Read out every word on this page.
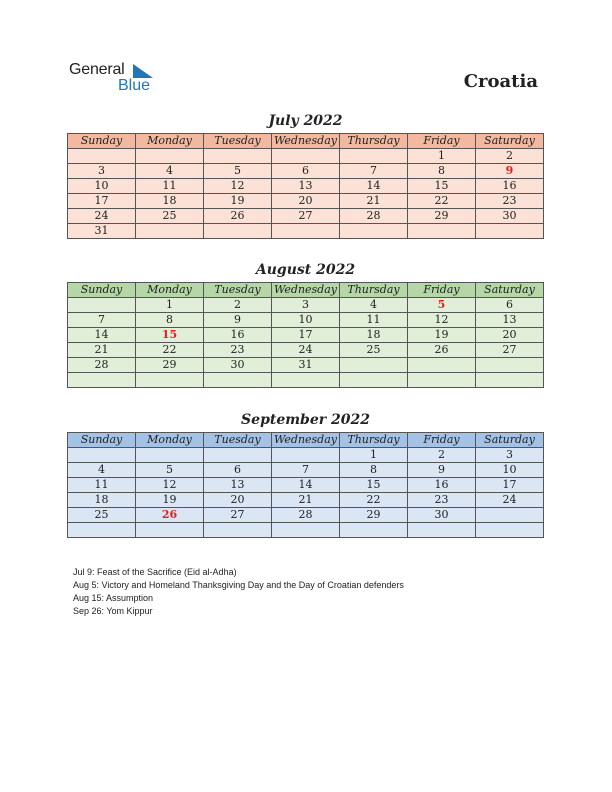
General
Blue	Croatia
July 2022
Sunday	Monday	Tuesday	Wednesday	Thursday	Friday	Saturday
					1	2
3	4	5	6	7	8	9
10	11	12	13	14	15	16
17	18	19	20	21	22	23
24	25	26	27	28	29	30
31						
August 2022
Sunday	Monday	Tuesday	Wednesday	Thursday	Friday	Saturday
	1	2	3	4	5	6
7	8	9	10	11	12	13
14	15	16	17	18	19	20
21	22	23	24	25	26	27
28	29	30	31			

September 2022
Sunday	Monday	Tuesday	Wednesday	Thursday	Friday	Saturday
				1	2	3
4	5	6	7	8	9	10
11	12	13	14	15	16	17
18	19	20	21	22	23	24
25	26	27	28	29	30	

Jul 9: Feast of the Sacrifice (Eid al-Adha)
Aug 5: Victory and Homeland Thanksgiving Day and the Day of Croatian defenders
Aug 15: Assumption
Sep 26: Yom Kippur
